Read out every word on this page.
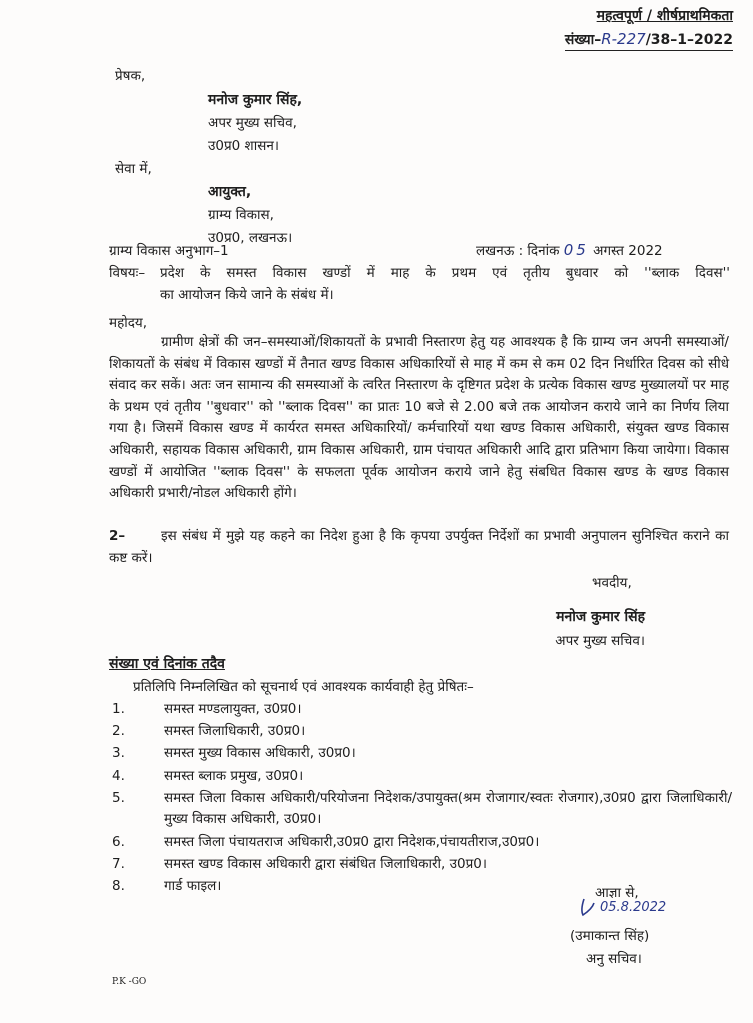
महत्वपूर्ण / शीर्षप्राथमिकता
संख्या–R-227/38–1–2022
प्रेषक,
मनोज कुमार सिंह,
अपर मुख्य सचिव,
उ0प्र0 शासन।
सेवा में,
आयुक्त,
ग्राम्य विकास,
उ0प्र0, लखनऊ।
ग्राम्य विकास अनुभाग–1	लखनऊ : दिनांक 05 अगस्त 2022
विषयः– प्रदेश के समस्त विकास खण्डों में माह के प्रथम एवं तृतीय बुधवार को ''ब्लाक दिवस''
का आयोजन किये जाने के संबंध में।
महोदय,

ग्रामीण क्षेत्रों की जन–समस्याओं/शिकायतों के प्रभावी निस्तारण हेतु यह आवश्यक है कि ग्राम्य जन अपनी समस्याओं/शिकायतों के संबंध में विकास खण्डों में तैनात खण्ड विकास अधिकारियों से माह में कम से कम 02 दिन निर्धारित दिवस को सीधे संवाद कर सकें। अतः जन सामान्य की समस्याओं के त्वरित निस्तारण के दृष्टिगत प्रदेश के प्रत्येक विकास खण्ड मुख्यालयों पर माह के प्रथम एवं तृतीय ''बुधवार'' को ''ब्लाक दिवस'' का प्रातः 10 बजे से 2.00 बजे तक आयोजन कराये जाने का निर्णय लिया गया है। जिसमें विकास खण्ड में कार्यरत समस्त अधिकारियों/ कर्मचारियों यथा खण्ड विकास अधिकारी, संयुक्त खण्ड विकास अधिकारी, सहायक विकास अधिकारी, ग्राम विकास अधिकारी, ग्राम पंचायत अधिकारी आदि द्वारा प्रतिभाग किया जायेगा। विकास खण्डों में आयोजित ''ब्लाक दिवस'' के सफलता पूर्वक आयोजन कराये जाने हेतु संबधित विकास खण्ड के खण्ड विकास अधिकारी प्रभारी/नोडल अधिकारी होंगे।

2–	इस संबंध में मुझे यह कहने का निदेश हुआ है कि कृपया उपर्युक्त निर्देशों का प्रभावी अनुपालन सुनिश्चित कराने का कष्ट करें।

भवदीय,
मनोज कुमार सिंह
अपर मुख्य सचिव।
संख्या एवं दिनांक तदैव
प्रतिलिपि निम्नलिखित को सूचनार्थ एवं आवश्यक कार्यवाही हेतु प्रेषितः–
1.	समस्त मण्डलायुक्त, उ0प्र0।
2.	समस्त जिलाधिकारी, उ0प्र0।
3.	समस्त मुख्य विकास अधिकारी, उ0प्र0।
4.	समस्त ब्लाक प्रमुख, उ0प्र0।
5.	समस्त जिला विकास अधिकारी/परियोजना निदेशक/उपायुक्त(श्रम रोजागार/स्वतः रोजगार),उ0प्र0 द्वारा जिलाधिकारी/मुख्य विकास अधिकारी, उ0प्र0।
6.	समस्त जिला पंचायतराज अधिकारी,उ0प्र0 द्वारा निदेशक,पंचायतीराज,उ0प्र0।
7.	समस्त खण्ड विकास अधिकारी द्वारा संबंधित जिलाधिकारी, उ0प्र0।
8.	गार्ड फाइल।	आज्ञा से,
05.8.2022
(उमाकान्त सिंह)
अनु सचिव।
P.K -GO
